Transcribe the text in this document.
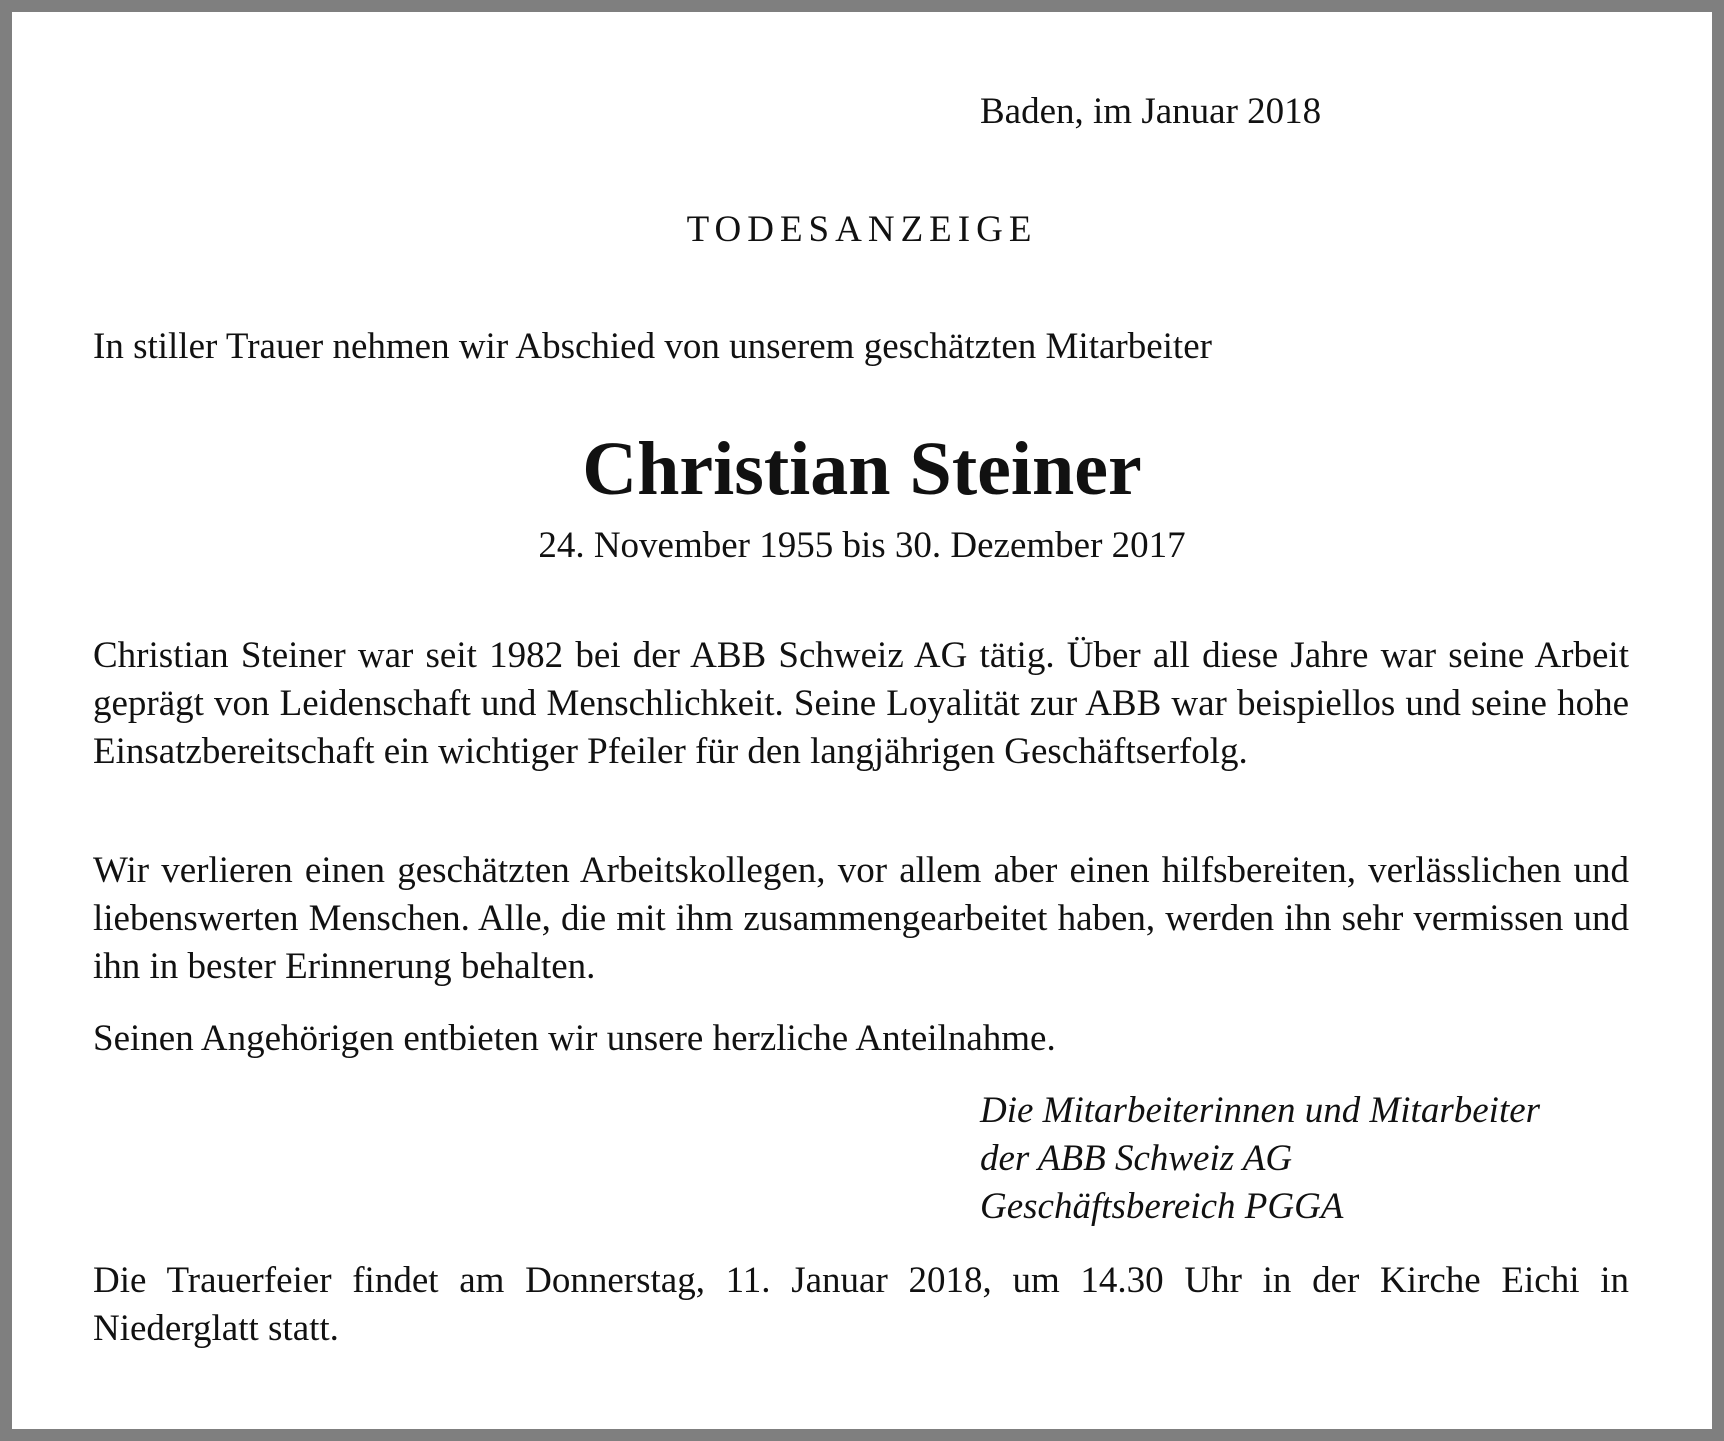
Baden, im Januar 2018
TODESANZEIGE
In stiller Trauer nehmen wir Abschied von unserem geschätzten Mitarbeiter
Christian Steiner
24. November 1955 bis 30. Dezember 2017

Christian Steiner war seit 1982 bei der ABB Schweiz AG tätig. Über all diese Jahre war seine Arbeit geprägt von Leidenschaft und Menschlichkeit. Seine Loyalität zur ABB war beispiellos und seine hohe Einsatzbereitschaft ein wichtiger Pfeiler für den langjährigen Geschäftserfolg.

Wir verlieren einen geschätzten Arbeitskollegen, vor allem aber einen hilfsbereiten, verlässlichen und liebenswerten Menschen. Alle, die mit ihm zusammengearbeitet haben, werden ihn sehr vermissen und ihn in bester Erinnerung behalten.

Seinen Angehörigen entbieten wir unsere herzliche Anteilnahme.

Die Mitarbeiterinnen und Mitarbeiter
der ABB Schweiz AG
Geschäftsbereich PGGA

Die Trauerfeier findet am Donnerstag, 11. Januar 2018, um 14.30 Uhr in der Kirche Eichi in Niederglatt statt.
